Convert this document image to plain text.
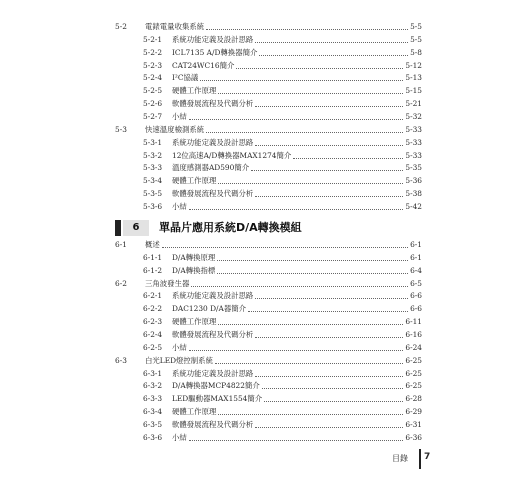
5-2 電錶電量收集系統	5-5
5-2-1 系統功能定義及設計思路	5-5
5-2-2 ICL7135 A/D轉換器簡介	5-8
5-2-3 CAT24WC16簡介	5-12
5-2-4 I²C協議	5-13
5-2-5 硬體工作原理	5-15
5-2-6 軟體發展流程及代碼分析	5-21
5-2-7 小結	5-32
5-3 快速溫度檢測系統	5-33
5-3-1 系統功能定義及設計思路	5-33
5-3-2 12位高速A/D轉換器MAX1274簡介	5-33
5-3-3 溫度感測器AD590簡介	5-35
5-3-4 硬體工作原理	5-36
5-3-5 軟體發展流程及代碼分析	5-38
5-3-6 小結	5-42
6	單晶片應用系統D/A轉換模組
6-1 概述	6-1
6-1-1 D/A轉換原理	6-1
6-1-2 D/A轉換指標	6-4
6-2 三角波發生器	6-5
6-2-1 系統功能定義及設計思路	6-6
6-2-2 DAC1230 D/A器簡介	6-6
6-2-3 硬體工作原理	6-11
6-2-4 軟體發展流程及代碼分析	6-16
6-2-5 小結	6-24
6-3 白光LED燈控制系統	6-25
6-3-1 系統功能定義及設計思路	6-25
6-3-2 D/A轉換器MCP4822簡介	6-25
6-3-3 LED驅動器MAX1554簡介	6-28
6-3-4 硬體工作原理	6-29
6-3-5 軟體發展流程及代碼分析	6-31
6-3-6 小結	6-36
目錄 7
